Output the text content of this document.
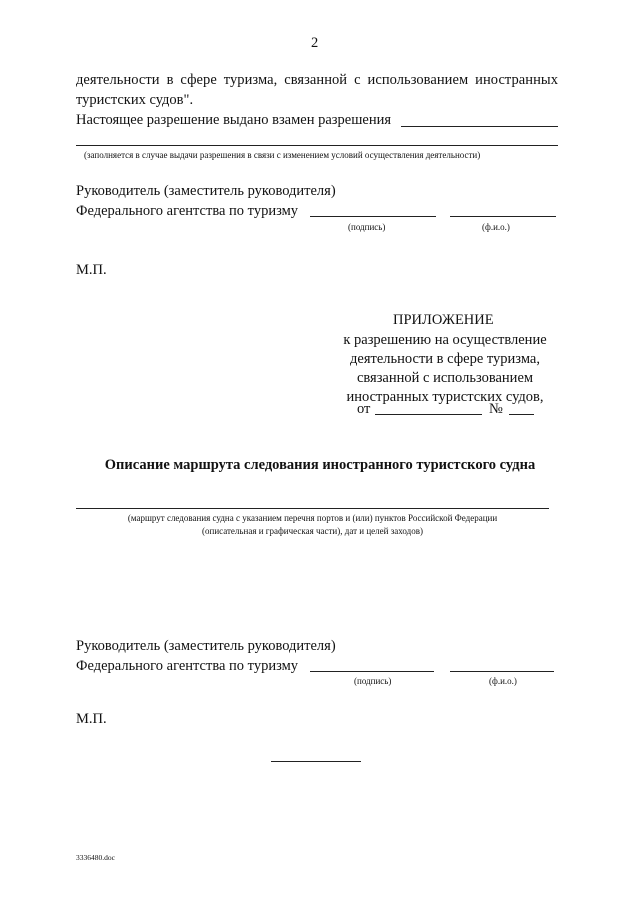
2
деятельности в сфере туризма, связанной с использованием иностранных
туристских судов".
Настоящее разрешение выдано взамен разрешения
(заполняется в случае выдачи разрешения в связи с изменением условий осуществления деятельности)
Руководитель (заместитель руководителя)
Федерального агентства по туризму
(подпись)	(ф.и.о.)
М.П.
ПРИЛОЖЕНИЕ
к разрешению на осуществление
деятельности в сфере туризма,
связанной с использованием
иностранных туристских судов,
от	№
Описание маршрута следования иностранного туристского судна
(маршрут следования судна с указанием перечня портов и (или) пунктов Российской Федерации
(описательная и графическая части), дат и целей заходов)
Руководитель (заместитель руководителя)
Федерального агентства по туризму
(подпись)	(ф.и.о.)
М.П.
3336480.doc
